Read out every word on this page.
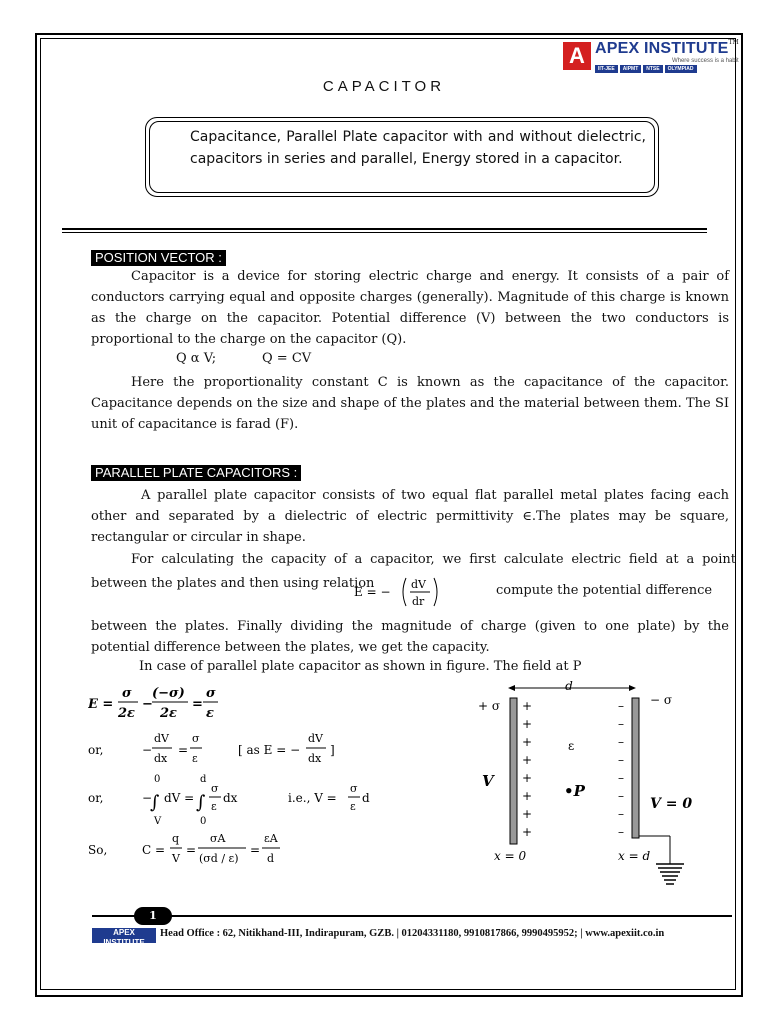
A APEX INSTITUTE™
Where success is a habit
IIT-JEE	AIPMT	NTSE	OLYMPIAD
CAPACITOR
Capacitance, Parallel Plate capacitor with and without dielectric, capacitors in series and parallel, Energy stored in a capacitor.
POSITION VECTOR :
Capacitor is a device for storing electric charge and energy. It consists of a pair of conductors carrying equal and opposite charges (generally). Magnitude of this charge is known as the charge on the capacitor. Potential difference (V) between the two conductors is proportional to the charge on the capacitor (Q).
Q α V;	Q = CV
Here the proportionality constant C is known as the capacitance of the capacitor. Capacitance depends on the size and shape of the plates and the material between them. The SI unit of capacitance is farad (F).
PARALLEL PLATE CAPACITORS :
A parallel plate capacitor consists of two equal flat parallel metal plates facing each other and separated by a dielectric of electric permittivity ∈.The plates may be square, rectangular or circular in shape.
For calculating the capacity of a capacitor, we first calculate electric field at a point between the plates and then using relation
E = −
dV
dr
compute the potential difference
between the plates. Finally dividing the magnitude of charge (given to one plate) by the potential difference between the plates, we get the capacity.
In case of parallel plate capacitor as shown in figure. The field at P
E =
σ
2ε
−
(−σ)
2ε
=
σ
ε
or,	−
dV
dx
=
σ
ε
[ as E = −
dV
dx
]
or,	−
0
∫
V
dV =
d
∫
0
σ
ε
dx	i.e., V =
σ
ε
d
So,	C =
q
V
=
σA
(σd / ε)
=
εA
d
d
+ σ	− σ
+
+
+
+
+
+
+
+
–
–
–
–
–
–
–
–
ε
V
•P
V = 0
x = 0	x = d
1
APEX INSTITUTE
Head Office : 62, Nitikhand-III, Indirapuram, GZB. | 01204331180, 9910817866, 9990495952; | www.apexiit.co.in
